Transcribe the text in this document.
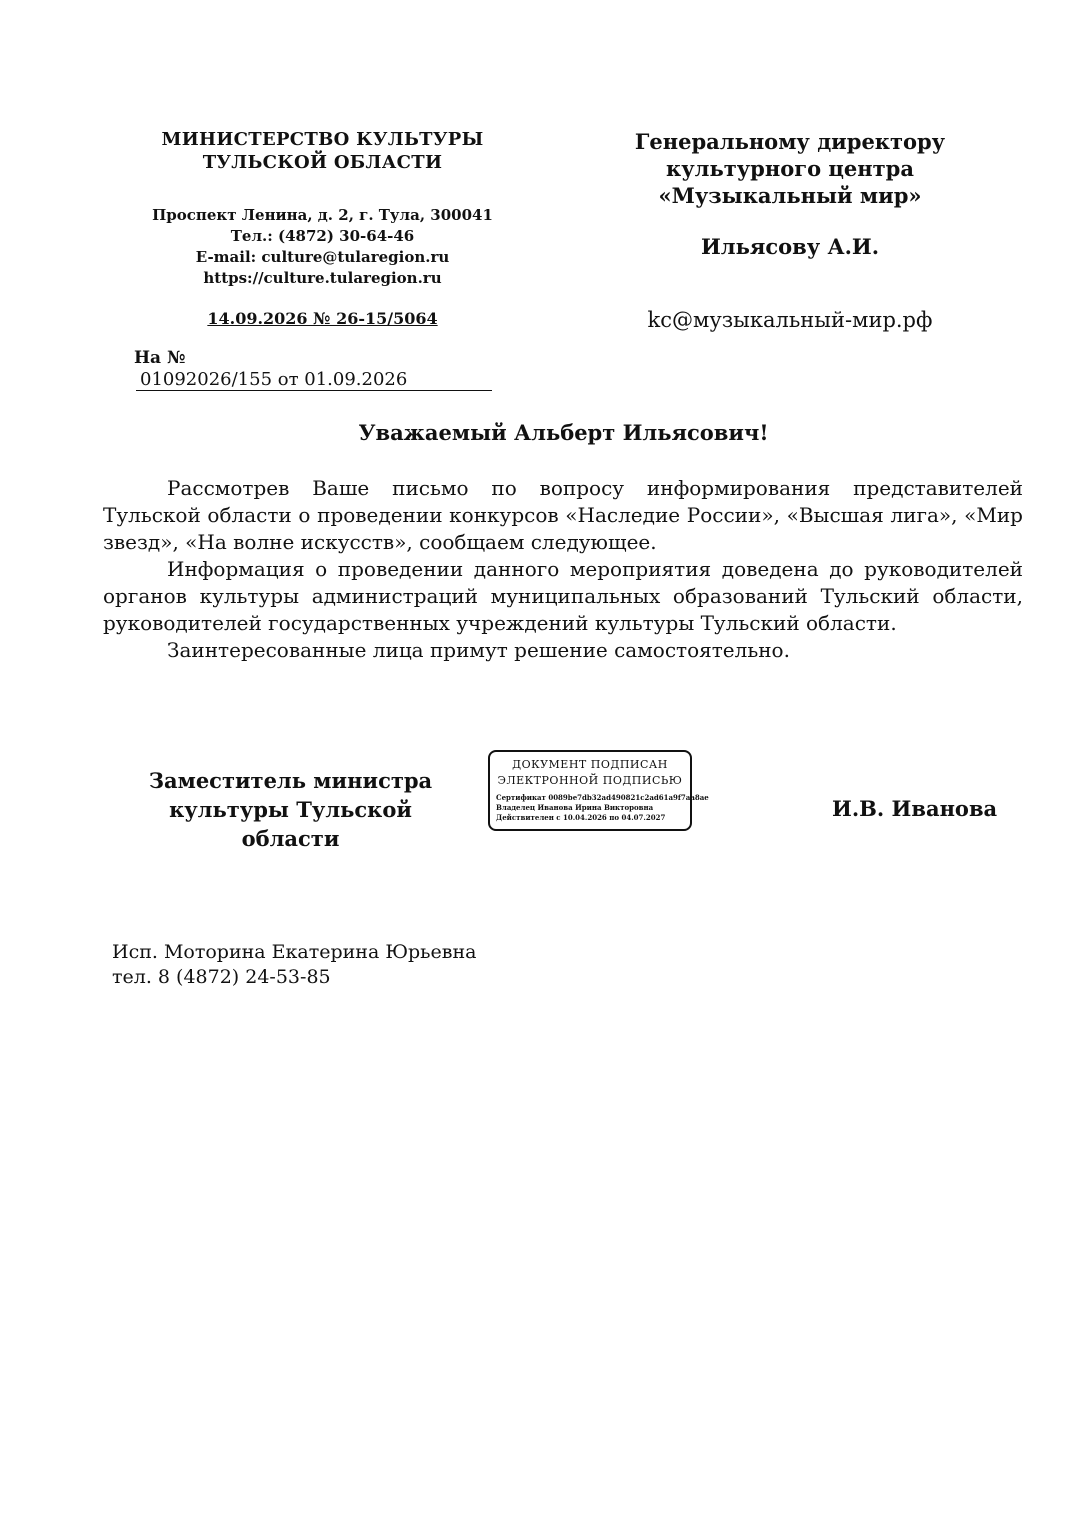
МИНИСТЕРСТВО КУЛЬТУРЫ
ТУЛЬСКОЙ ОБЛАСТИ
Проспект Ленина, д. 2, г. Тула, 300041
Тел.: (4872) 30-64-46
E-mail: culture@tularegion.ru
https://culture.tularegion.ru
14.09.2026 № 26-15/5064
На № 01092026/155 от 01.09.2026
Генеральному директору
культурного центра
«Музыкальный мир»
Ильясову А.И.
kc@музыкальный-мир.рф
Уважаемый Альберт Ильясович!

Рассмотрев Ваше письмо по вопросу информирования представителей Тульской области о проведении конкурсов «Наследие России», «Высшая лига», «Мир звезд», «На волне искусств», сообщаем следующее.

Информация о проведении данного мероприятия доведена до руководителей органов культуры администраций муниципальных образований Тульский области, руководителей государственных учреждений культуры Тульский области.

Заинтересованные лица примут решение самостоятельно.

Заместитель министра
культуры Тульской области
ДОКУМЕНТ ПОДПИСАН
ЭЛЕКТРОННОЙ ПОДПИСЬЮ
Сертификат 0089be7db32ad490821c2ad61a9f7aa8ae
Владелец Иванова Ирина Викторовна
Действителен с 10.04.2026 по 04.07.2027	И.В. Иванова
Исп. Моторина Екатерина Юрьевна
тел. 8 (4872) 24-53-85
